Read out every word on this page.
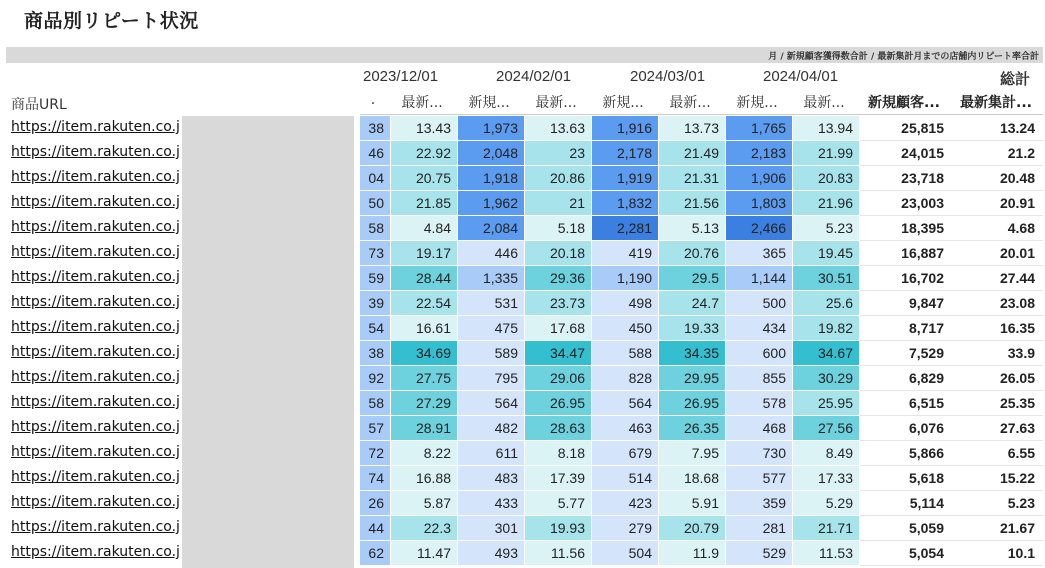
商品別リピート状況
月 / 新規顧客獲得数合計 / 最新集計月までの店舗内リピート率合計
2023/12/01	2024/02/01	2024/03/01	2024/04/01	総計
商品URL	.	最新...	新規...	最新...	新規...	最新...	新規...	最新...	新規顧客...	最新集計...
https://item.rakuten.co.j	38	13.43	1,973	13.63	1,916	13.73	1,765	13.94	25,815	13.24
https://item.rakuten.co.j	46	22.92	2,048	23	2,178	21.49	2,183	21.99	24,015	21.2
https://item.rakuten.co.j	04	20.75	1,918	20.86	1,919	21.31	1,906	20.83	23,718	20.48
https://item.rakuten.co.j	50	21.85	1,962	21	1,832	21.56	1,803	21.96	23,003	20.91
https://item.rakuten.co.j	58	4.84	2,084	5.18	2,281	5.13	2,466	5.23	18,395	4.68
https://item.rakuten.co.j	73	19.17	446	20.18	419	20.76	365	19.45	16,887	20.01
https://item.rakuten.co.j	59	28.44	1,335	29.36	1,190	29.5	1,144	30.51	16,702	27.44
https://item.rakuten.co.j	39	22.54	531	23.73	498	24.7	500	25.6	9,847	23.08
https://item.rakuten.co.j	54	16.61	475	17.68	450	19.33	434	19.82	8,717	16.35
https://item.rakuten.co.j	38	34.69	589	34.47	588	34.35	600	34.67	7,529	33.9
https://item.rakuten.co.j	92	27.75	795	29.06	828	29.95	855	30.29	6,829	26.05
https://item.rakuten.co.j	58	27.29	564	26.95	564	26.95	578	25.95	6,515	25.35
https://item.rakuten.co.j	57	28.91	482	28.63	463	26.35	468	27.56	6,076	27.63
https://item.rakuten.co.j	72	8.22	611	8.18	679	7.95	730	8.49	5,866	6.55
https://item.rakuten.co.j	74	16.88	483	17.39	514	18.68	577	17.33	5,618	15.22
https://item.rakuten.co.j	26	5.87	433	5.77	423	5.91	359	5.29	5,114	5.23
https://item.rakuten.co.j	44	22.3	301	19.93	279	20.79	281	21.71	5,059	21.67
https://item.rakuten.co.j	62	11.47	493	11.56	504	11.9	529	11.53	5,054	10.1
